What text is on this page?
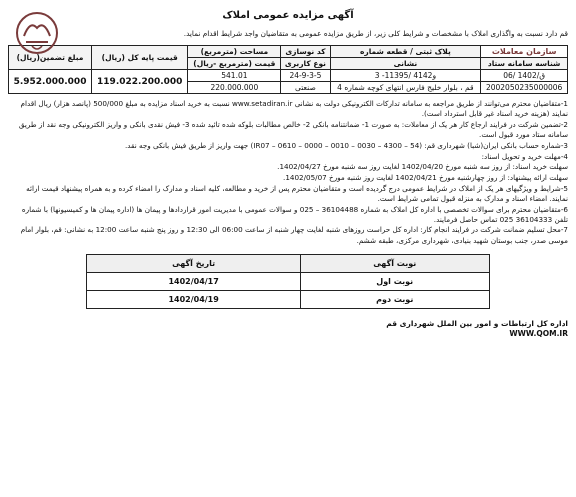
آگهی مزایده عمومی املاک
قم دارد نسبت به واگذاری املاک با مشخصات و شرایط کلی زیر، از طریق مزایده عمومی به متقاضیان واجد شرایط اقدام نماید.
سازمان معاملات	پلاک ثبتی / قطعه شماره	کد نوسازی	مساحت (مترمربع)	قیمت پایه کل (ریال)	مبلغ تضمین(ریال)
شناسه سامانه ستاد	نشانی	نوع کاربری	قیمت (مترمربع -ریال)		
06/ 1402/ق	3 -11395/ 41و42	24-9-3-5	541.01	119.022.200.000	5.952.000.000
2002050235000006	قم ، بلوار خلیج فارس انتهای کوچه شماره 4	صنعتی	220.000.000		

1-متقاضیان محترم می‌توانند از طریق مراجعه به سامانه تدارکات الکترونیکی دولت به نشانی www.setadiran.ir نسبت به خرید اسناد مزایده به مبلغ 500/000 (پانصد هزار) ریال اقدام نمایند (هزینه خرید اسناد غیر قابل استرداد است).

2-تضمین شرکت در فرایند ارجاع کار هر یک از معاملات: به صورت 1- ضمانتنامه بانکی 2- خالص مطالبات بلوکه شده تائید شده 3- فیش نقدی بانکی و واریز الکترونیکی وجه نقد از طریق سامانه ستاد مورد قبول است.

3-شماره حساب بانکی ایران(شبا) شهرداری قم: (54 – 4300 – 0030 – 0010 – 0000 – 0610 – IR07) جهت واریز از طریق فیش بانکی وجه نقد.

4-مهلت خرید و تحویل اسناد:

سهلت خرید اسناد: از روز سه شنبه مورخ 1402/04/20 لغایت روز سه شنبه مورخ 1402/04/27.

سهلت ارائه پیشنهاد: از روز چهارشنبه مورخ 1402/04/21 لغایت روز شنبه مورخ 1402/05/07.

5-شرایط و ویژگیهای هر یک از املاک در شرایط عمومی درج گردیده است و متقاضیان محترم پس از خرید و مطالعه، کلیه اسناد و مدارک را امضاء کرده و به همراه پیشنهاد قیمت ارائه نمایند. امضاء اسناد و مدارک به منزله قبول تمامی شرایط است.

6-متقاضیان محترم برای سوالات تخصصی با اداره کل املاک به شماره 36104488 – 025 و سوالات عمومی با مدیریت امور قراردادها و پیمان ها (اداره پیمان ها و کمیسیونها) با شماره تلفن 36104333 025 تماس حاصل فرمایند.

7-محل تسلیم ضمانت شرکت در فرایند انجام کار: اداره کل حراست روزهای شنبه لغایت چهار شنبه از ساعت 06:00 الی 12:30 و روز پنج شنبه ساعت 12:00 به نشانی: قم، بلوار امام موسی صدر، جنب بوستان شهید بنیادی، شهرداری مرکزی، طبقه ششم.

نوبت آگهی	تاریخ آگهی
نوبت اول	1402/04/17
نوبت دوم	1402/04/19
اداره کل ارتباطات و امور بین الملل شهرداری قم
WWW.QOM.IR
